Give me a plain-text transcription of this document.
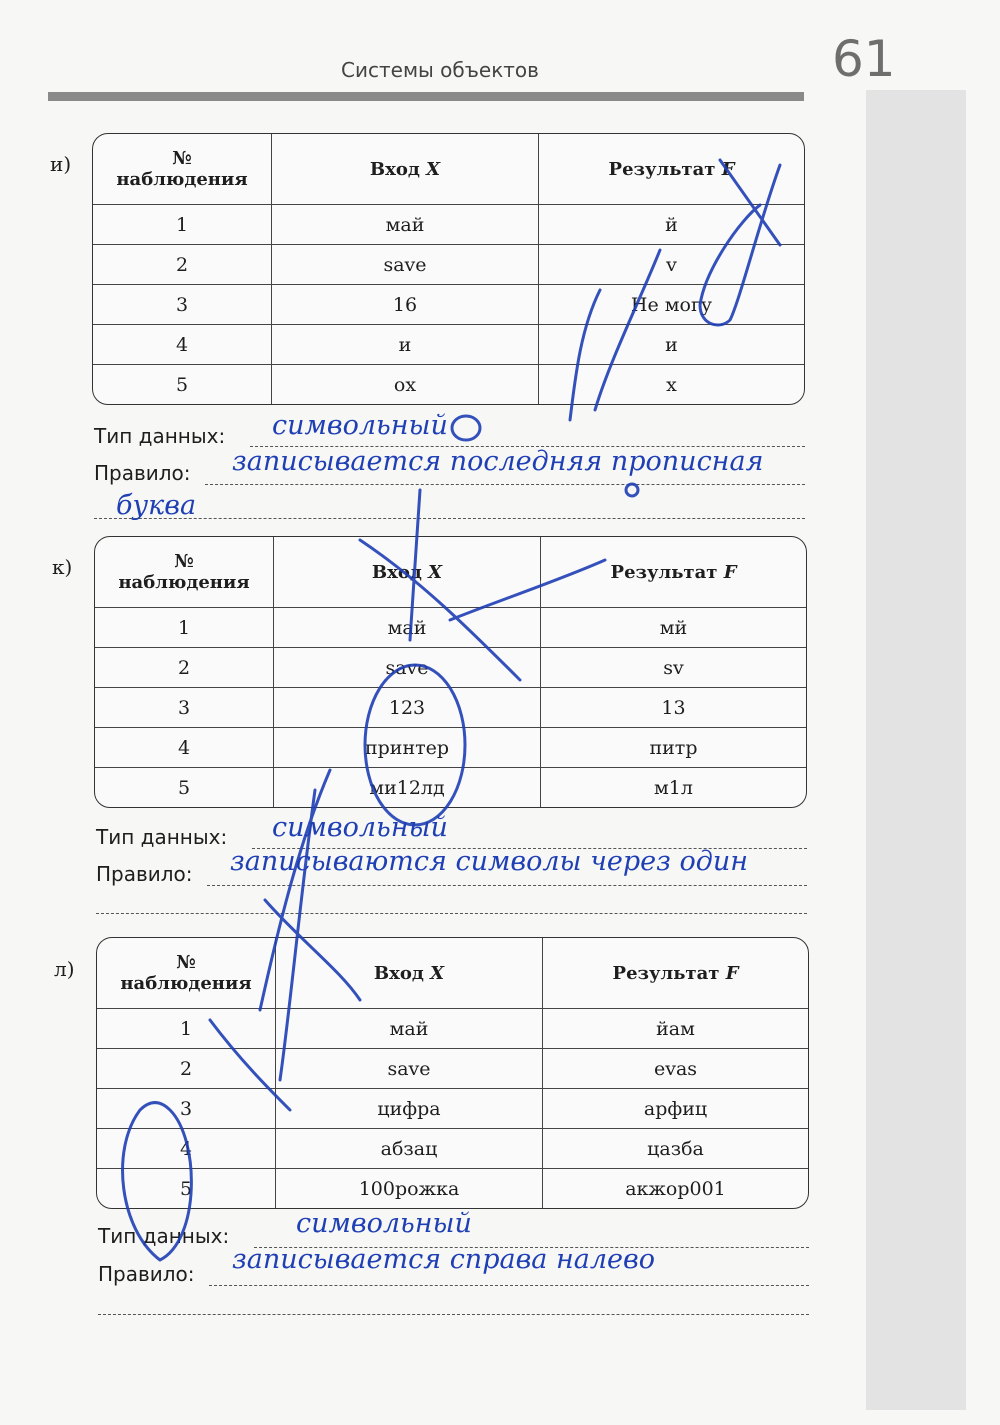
Системы объектов	61
и)	№
наблюдения	Вход X	Результат F
1	май	й
2	save	v
3	16	Не могу
4	и	и
5	ох	х
Тип данных: символьный
Правило: записывается последняя прописная
буква
к)	№
наблюдения	Вход X	Результат F
1	май	мй
2	save	sv
3	123	13
4	принтер	питр
5	ми12лд	м1л
Тип данных: символьный
Правило: записываются символы через один
л)	№
наблюдения	Вход X	Результат F
1	май	йам
2	save	evas
3	цифра	арфиц
4	абзац	цазба
5	100рожка	акжор001
Тип данных: символьный
Правило: записывается справа налево
